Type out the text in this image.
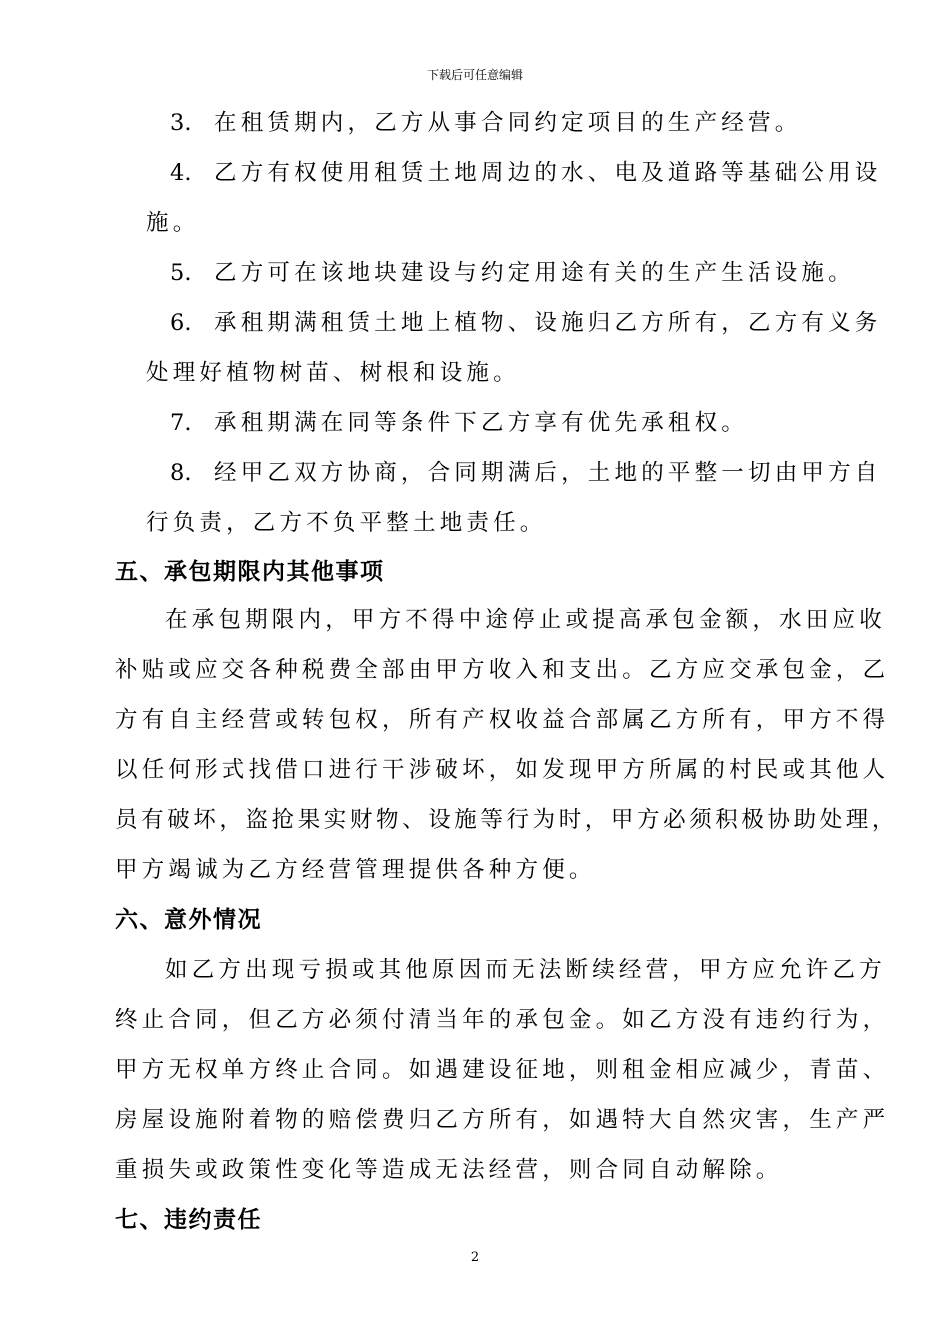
下载后可任意编辑
3. 在租赁期内，乙方从事合同约定项目的生产经营。
4. 乙方有权使用租赁土地周边的水、电及道路等基础公用设
施。
5. 乙方可在该地块建设与约定用途有关的生产生活设施。
6. 承租期满租赁土地上植物、设施归乙方所有，乙方有义务
处理好植物树苗、树根和设施。
7. 承租期满在同等条件下乙方享有优先承租权。
8. 经甲乙双方协商，合同期满后，土地的平整一切由甲方自
行负责，乙方不负平整土地责任。
五、承包期限内其他事项
在承包期限内，甲方不得中途停止或提高承包金额，水田应收
补贴或应交各种税费全部由甲方收入和支出。乙方应交承包金，乙
方有自主经营或转包权，所有产权收益合部属乙方所有，甲方不得
以任何形式找借口进行干涉破坏，如发现甲方所属的村民或其他人
员有破坏，盗抢果实财物、设施等行为时，甲方必须积极协助处理，
甲方竭诚为乙方经营管理提供各种方便。
六、意外情况
如乙方出现亏损或其他原因而无法断续经营，甲方应允许乙方
终止合同，但乙方必须付清当年的承包金。如乙方没有违约行为，
甲方无权单方终止合同。如遇建设征地，则租金相应减少，青苗、
房屋设施附着物的赔偿费归乙方所有，如遇特大自然灾害，生产严
重损失或政策性变化等造成无法经营，则合同自动解除。
七、违约责任
2
